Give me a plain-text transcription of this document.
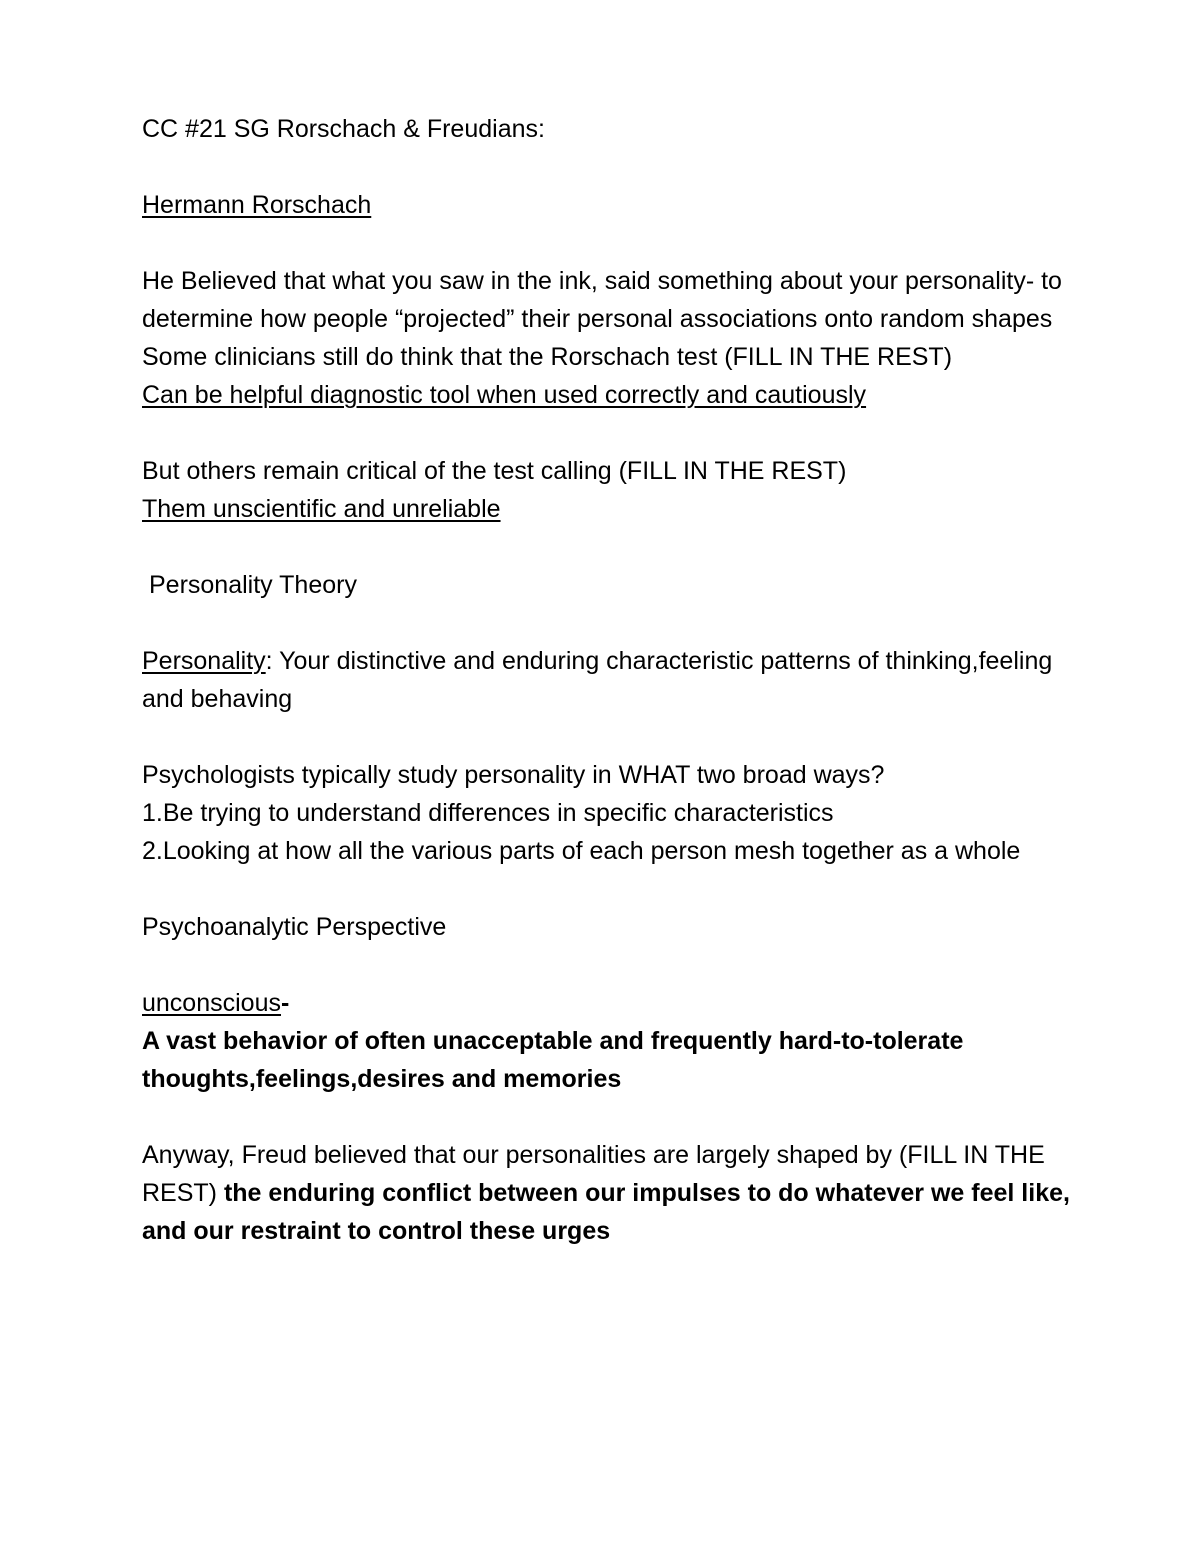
CC #21 SG Rorschach & Freudians:

Hermann Rorschach

He Believed that what you saw in the ink, said something about your personality- to determine how people “projected” their personal associations onto random shapes

Some clinicians still do think that the Rorschach test (FILL IN THE REST)

Can be helpful diagnostic tool when used correctly and cautiously

But others remain critical of the test calling (FILL IN THE REST)

Them unscientific and unreliable

Personality Theory

Personality: Your distinctive and enduring characteristic patterns of thinking,feeling and behaving

Psychologists typically study personality in WHAT two broad ways?

1.Be trying to understand differences in specific characteristics

2.Looking at how all the various parts of each person mesh together as a whole

Psychoanalytic Perspective

unconscious-

A vast behavior of often unacceptable and frequently hard-to-tolerate thoughts,feelings,desires and memories

Anyway, Freud believed that our personalities are largely shaped by (FILL IN THE REST) the enduring conflict between our impulses to do whatever we feel like, and our restraint to control these urges
